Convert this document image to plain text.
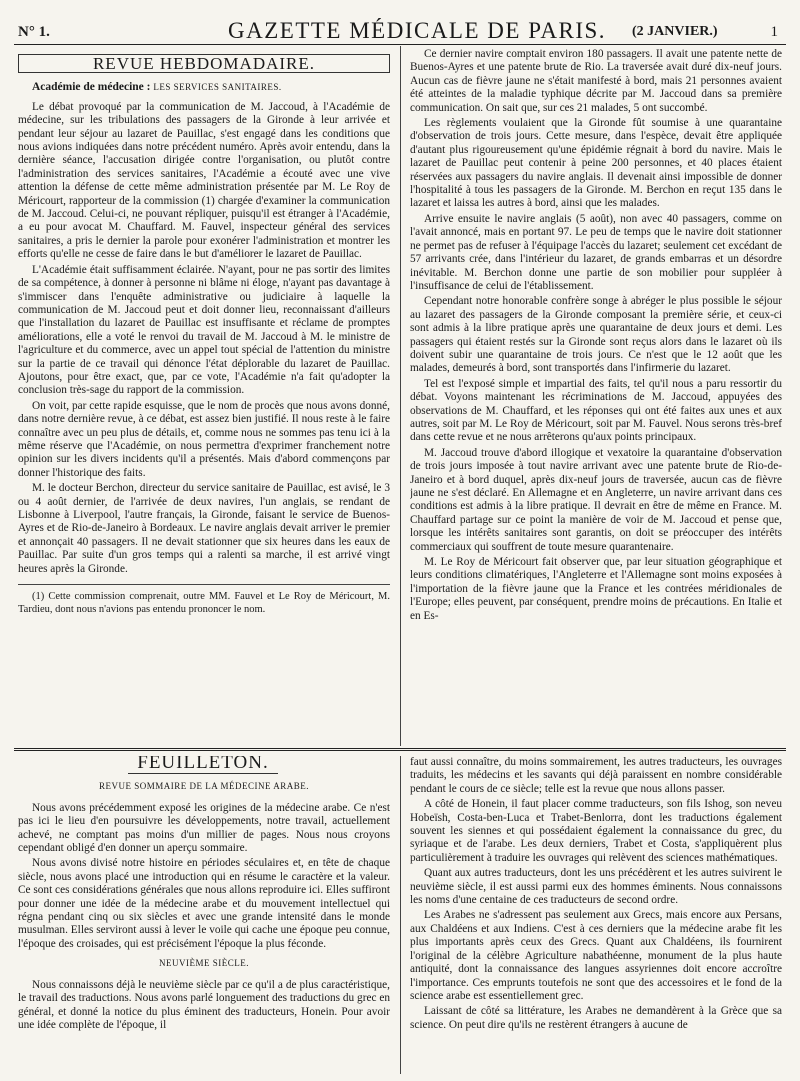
N° 1.	GAZETTE MÉDICALE DE PARIS. (2 JANVIER.)	1
REVUE HEBDOMADAIRE.
Académie de médecine : LES SERVICES SANITAIRES.

Le débat provoqué par la communication de M. Jaccoud, à l'Académie de médecine, sur les tribulations des passagers de la Gironde à leur arrivée et pendant leur séjour au lazaret de Pauillac, s'est engagé dans les conditions que nous avions indiquées dans notre précédent numéro. Après avoir entendu, dans la dernière séance, l'accusation dirigée contre l'organisation, ou plutôt contre l'administration des services sanitaires, l'Académie a écouté avec une vive attention la défense de cette même administration présentée par M. Le Roy de Méricourt, rapporteur de la commission (1) chargée d'examiner la communication de M. Jaccoud. Celui-ci, ne pouvant répliquer, puisqu'il est étranger à l'Académie, a eu pour avocat M. Chauffard. M. Fauvel, inspecteur général des services sanitaires, a pris le dernier la parole pour exonérer l'administration et montrer les efforts qu'elle ne cesse de faire dans le but d'améliorer le lazaret de Pauillac.

L'Académie était suffisamment éclairée. N'ayant, pour ne pas sortir des limites de sa compétence, à donner à personne ni blâme ni éloge, n'ayant pas davantage à s'immiscer dans l'enquête administrative ou judiciaire à laquelle la communication de M. Jaccoud peut et doit donner lieu, reconnaissant d'ailleurs que l'installation du lazaret de Pauillac est insuffisante et réclame de promptes améliorations, elle a voté le renvoi du travail de M. Jaccoud à M. le ministre de l'agriculture et du commerce, avec un appel tout spécial de l'attention du ministre sur la partie de ce travail qui dénonce l'état déplorable du lazaret de Pauillac. Ajoutons, pour être exact, que, par ce vote, l'Académie n'a fait qu'adopter la conclusion très-sage du rapport de la commission.

On voit, par cette rapide esquisse, que le nom de procès que nous avons donné, dans notre dernière revue, à ce débat, est assez bien justifié. Il nous reste à le faire connaître avec un peu plus de détails, et, comme nous ne sommes pas tenu ici à la même réserve que l'Académie, on nous permettra d'exprimer franchement notre opinion sur les divers incidents qu'il a présentés. Mais d'abord commençons par donner l'historique des faits.

M. le docteur Berchon, directeur du service sanitaire de Pauillac, est avisé, le 3 ou 4 août dernier, de l'arrivée de deux navires, l'un anglais, se rendant de Lisbonne à Liverpool, l'autre français, la Gironde, faisant le service de Buenos-Ayres et de Rio-de-Janeiro à Bordeaux. Le navire anglais devait arriver le premier et annonçait 40 passagers. Il ne devait stationner que six heures dans les eaux de Pauillac. Par suite d'un gros temps qui a ralenti sa marche, il est arrivé vingt heures après la Gironde.

(1) Cette commission comprenait, outre MM. Fauvel et Le Roy de Méricourt, M. Tardieu, dont nous n'avions pas entendu prononcer le nom.

Ce dernier navire comptait environ 180 passagers. Il avait une patente nette de Buenos-Ayres et une patente brute de Rio. La traversée avait duré dix-neuf jours. Aucun cas de fièvre jaune ne s'était manifesté à bord, mais 21 personnes avaient été atteintes de la maladie typhique décrite par M. Jaccoud dans sa première communication. On sait que, sur ces 21 malades, 5 ont succombé.

Les règlements voulaient que la Gironde fût soumise à une quarantaine d'observation de trois jours. Cette mesure, dans l'espèce, devait être appliquée d'autant plus rigoureusement qu'une épidémie régnait à bord du navire. Mais le lazaret de Pauillac peut contenir à peine 200 personnes, et 40 places étaient réservées aux passagers du navire anglais. Il devenait ainsi impossible de donner l'hospitalité à tous les passagers de la Gironde. M. Berchon en reçut 135 dans le lazaret et laissa les autres à bord, ainsi que les malades.

Arrive ensuite le navire anglais (5 août), non avec 40 passagers, comme on l'avait annoncé, mais en portant 97. Le peu de temps que le navire doit stationner ne permet pas de refuser à l'équipage l'accès du lazaret; seulement cet excédant de 57 arrivants crée, dans l'intérieur du lazaret, de grands embarras et un désordre inévitable. M. Berchon donne une partie de son mobilier pour suppléer à l'insuffisance de celui de l'établissement.

Cependant notre honorable confrère songe à abréger le plus possible le séjour au lazaret des passagers de la Gironde composant la première série, et ceux-ci sont admis à la libre pratique après une quarantaine de deux jours et demi. Les passagers qui étaient restés sur la Gironde sont reçus alors dans le lazaret où ils doivent subir une quarantaine de trois jours. Ce n'est que le 12 août que les malades, demeurés à bord, sont transportés dans l'infirmerie du lazaret.

Tel est l'exposé simple et impartial des faits, tel qu'il nous a paru ressortir du débat. Voyons maintenant les récriminations de M. Jaccoud, appuyées des observations de M. Chauffard, et les réponses qui ont été faites aux unes et aux autres, soit par M. Le Roy de Méricourt, soit par M. Fauvel. Nous serons très-bref dans cette revue et ne nous arrêterons qu'aux points principaux.

M. Jaccoud trouve d'abord illogique et vexatoire la quarantaine d'observation de trois jours imposée à tout navire arrivant avec une patente brute de Rio-de-Janeiro et à bord duquel, après dix-neuf jours de traversée, aucun cas de fièvre jaune ne s'est déclaré. En Allemagne et en Angleterre, un navire arrivant dans ces conditions est admis à la libre pratique. Il devrait en être de même en France. M. Chauffard partage sur ce point la manière de voir de M. Jaccoud et pense que, lorsque les intérêts sanitaires sont garantis, on doit se préoccuper des intérêts commerciaux qui souffrent de toute mesure quarantenaire.

M. Le Roy de Méricourt fait observer que, par leur situation géographique et leurs conditions climatériques, l'Angleterre et l'Allemagne sont moins exposées à l'importation de la fièvre jaune que la France et les contrées méridionales de l'Europe; elles peuvent, par conséquent, prendre moins de précautions. En Italie et en Es-

FEUILLETON.
REVUE SOMMAIRE DE LA MÉDECINE ARABE.

Nous avons précédemment exposé les origines de la médecine arabe. Ce n'est pas ici le lieu d'en poursuivre les développements, notre travail, actuellement achevé, ne comptant pas moins d'un millier de pages. Nous nous croyons cependant obligé d'en donner un aperçu sommaire.

Nous avons divisé notre histoire en périodes séculaires et, en tête de chaque siècle, nous avons placé une introduction qui en résume le caractère et la valeur. Ce sont ces considérations générales que nous allons reproduire ici. Elles suffiront pour donner une idée de la médecine arabe et du mouvement intellectuel qui régna pendant cinq ou six siècles et avec une grande intensité dans le monde musulman. Elles serviront aussi à lever le voile qui cache une époque peu connue, l'époque des croisades, qui est précisément l'époque la plus féconde.

NEUVIÈME SIÈCLE.

Nous connaissons déjà le neuvième siècle par ce qu'il a de plus caractéristique, le travail des traductions. Nous avons parlé longuement des traductions du grec en général, et donné la notice du plus éminent des traducteurs, Honein. Pour avoir une idée complète de l'époque, il

faut aussi connaître, du moins sommairement, les autres traducteurs, les ouvrages traduits, les médecins et les savants qui déjà paraissent en nombre considérable pendant le cours de ce siècle; telle est la revue que nous allons passer.

A côté de Honein, il faut placer comme traducteurs, son fils Ishog, son neveu Hobeïsh, Costa-ben-Luca et Trabet-Benlorra, dont les traductions également souvent les siennes et qui possédaient également la connaissance du grec, du syriaque et de l'arabe. Les deux derniers, Trabet et Costa, s'appliquèrent plus particulièrement à traduire les ouvrages qui relèvent des sciences mathématiques.

Quant aux autres traducteurs, dont les uns précédèrent et les autres suivirent le neuvième siècle, il est aussi parmi eux des hommes éminents. Nous connaissons les noms d'une centaine de ces traducteurs de second ordre.

Les Arabes ne s'adressent pas seulement aux Grecs, mais encore aux Persans, aux Chaldéens et aux Indiens. C'est à ces derniers que la médecine arabe fit les plus importants après ceux des Grecs. Quant aux Chaldéens, ils fournirent l'original de la célèbre Agriculture nabathéenne, monument de la plus haute antiquité, dont la connaissance des langues assyriennes doit encore accroître l'importance. Ces emprunts toutefois ne sont que des accessoires et le fond de la science arabe est essentiellement grec.

Laissant de côté sa littérature, les Arabes ne demandèrent à la Grèce que sa science. On peut dire qu'ils ne restèrent étrangers à aucune de
